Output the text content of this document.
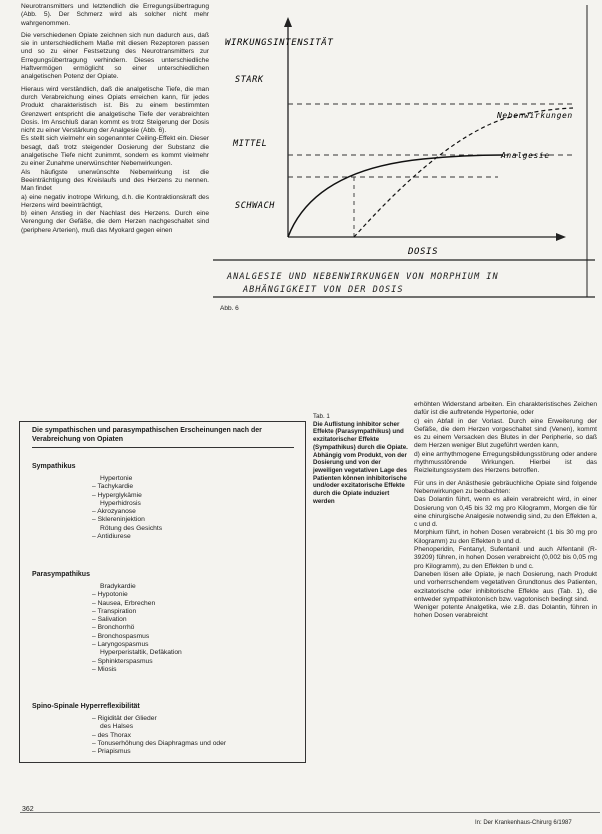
Neurotransmitters und letztendlich die Erregungsübertragung (Abb. 5). Der Schmerz wird als solcher nicht mehr wahrgenommen.

Die verschiedenen Opiate zeichnen sich nun dadurch aus, daß sie in unterschiedlichem Maße mit diesen Rezeptoren passen und so zu einer Festsetzung des Neurotransmitters zur Erregungsübertragung verhindern. Dieses unterschiedliche Haftvermögen ermöglicht so einer unterschiedlichen analgetischen Potenz der Opiate.

Hieraus wird verständlich, daß die analgetische Tiefe, die man durch Verabreichung eines Opiats erreichen kann, für jedes Produkt charakteristisch ist. Bis zu einem bestimmten Grenzwert entspricht die analgetische Tiefe der verabreichten Dosis. Im Anschluß daran kommt es trotz Steigerung der Dosis nicht zu einer Verstärkung der Analgesie (Abb. 6).

Es stellt sich vielmehr ein sogenannter Ceiling-Effekt ein. Dieser besagt, daß trotz steigender Dosierung der Substanz die analgetische Tiefe nicht zunimmt, sondern es kommt vielmehr zu einer Zunahme unerwünschter Nebenwirkungen.

Als häufigste unerwünschte Nebenwirkung ist die Beeinträchtigung des Kreislaufs und des Herzens zu nennen. Man findet

a) eine negativ inotrope Wirkung, d.h. die Kontraktionskraft des Herzens wird beeinträchtigt,

b) einen Anstieg in der Nachlast des Herzens. Durch eine Verengung der Gefäße, die dem Herzen nachgeschaltet sind (periphere Arterien), muß das Myokard gegen einen

WIRKUNGSINTENSITÄT
STARK
MITTEL
SCHWACH
DOSIS
Analgesie
Nebenwirkungen
ANALGESIE UND NEBENWIRKUNGEN VON MORPHIUM IN
ABHÄNGIGKEIT VON DER DOSIS
Abb. 6
Tab. 1
Die Auflistung inhibitor scher Effekte (Parasympathikus) und exzitatorischer Effekte (Sympathikus) durch die Opiate. Abhängig vom Produkt, von der Dosierung und von der jeweiligen vegetativen Lage des Patienten können inhibitorische und/oder exzitatorische Effekte durch die Opiate induziert werden
Die sympathischen und parasympathischen Erscheinungen nach der Verabreichung von Opiaten
Sympathikus
Hypertonie
– Tachykardie
– Hyperglykämie
Hyperhidrosis
– Akrozyanose
– Sklereninjektion
Rötung des Gesichts
– Antidiurese
Parasympathikus
Bradykardie
– Hypotonie
– Nausea, Erbrechen
– Transpiration
– Salivation
– Bronchorrhö
– Bronchospasmus
– Laryngospasmus
Hyperperistaltik, Defäkation
– Sphinkterspasmus
– Miosis
Spino-Spinale Hyperreflexibilität
– Rigidität der Glieder
des Halses
– des Thorax
– Tonuserhöhung des Diaphragmas und oder
– Priapismus

erhöhten Widerstand arbeiten. Ein charakteristisches Zeichen dafür ist die auftretende Hypertonie, oder

c) ein Abfall in der Vorlast. Durch eine Erweiterung der Gefäße, die dem Herzen vorgeschaltet sind (Venen), kommt es zu einem Versacken des Blutes in der Peripherie, so daß dem Herzen weniger Blut zugeführt werden kann,

d) eine arrhythmogene Erregungsbildungsstörung oder andere rhythmusstörende Wirkungen. Hierbei ist das Reizleitungssystem des Herzens betroffen.

Für uns in der Anästhesie gebräuchliche Opiate sind folgende Nebenwirkungen zu beobachten:

Das Dolantin führt, wenn es allein verabreicht wird, in einer Dosierung von 0,45 bis 32 mg pro Kilogramm, Morgen die für eine chirurgische Analgesie notwendig sind, zu den Effekten a, c und d.

Morphium führt, in hohen Dosen verabreicht (1 bis 30 mg pro Kilogramm) zu den Effekten b und d.

Phenoperidin, Fentanyl, Sufentanil und auch Alfentanil (R-39209) führen, in hohen Dosen verabreicht (0,002 bis 0,05 mg pro Kilogramm), zu den Effekten b und c.

Daneben lösen alle Opiate, je nach Dosierung, nach Produkt und vorherrschendem vegetativen Grundtonus des Patienten, exzitatorische oder inhibitorische Effekte aus (Tab. 1), die entweder sympathikotonisch bzw. vagotonisch bedingt sind.

Weniger potente Analgetika, wie z.B. das Dolantin, führen in hohen Dosen verabreicht

362
In: Der Krankenhaus-Chirurg 6/1987
